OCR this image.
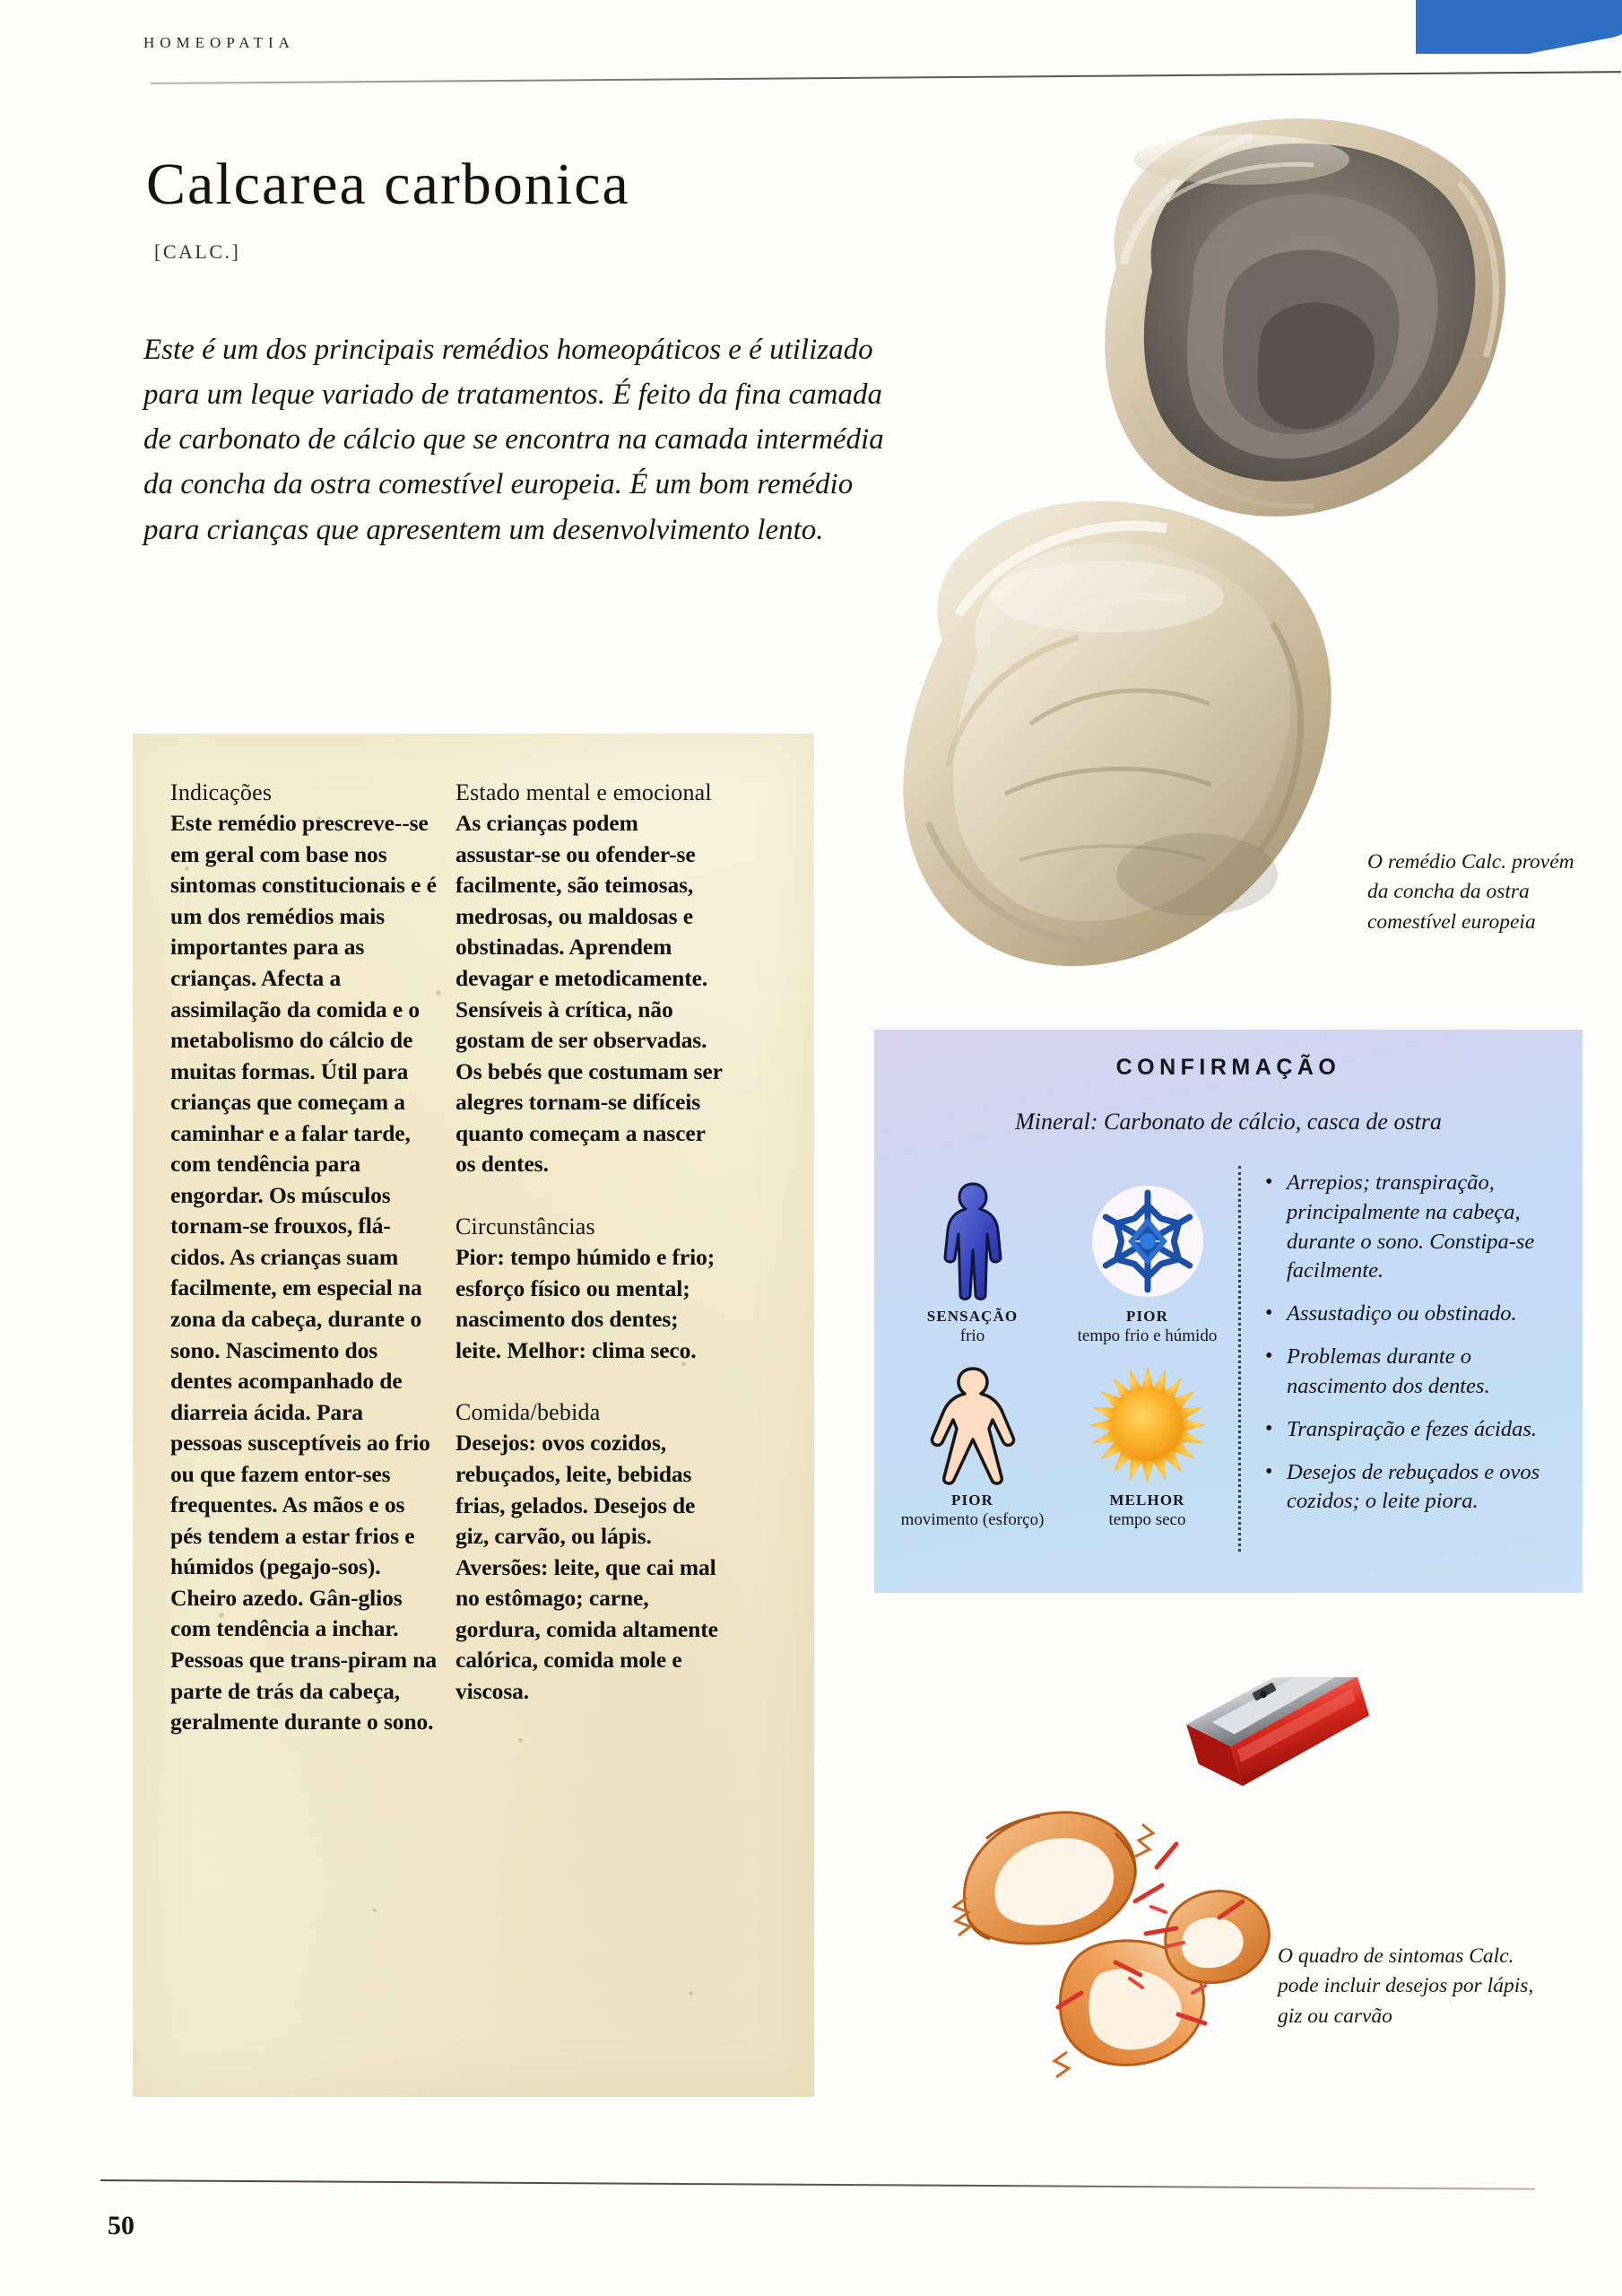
HOMEOPATIA
Calcarea carbonica
[CALC.]

Este é um dos principais remédios homeopáticos e é utilizado para um leque variado de tratamentos. É feito da fina camada de carbonato de cálcio que se encontra na camada intermédia da concha da ostra comestível europeia. É um bom remédio para crianças que apresentem um desenvolvimento lento.

O remédio Calc. provém da concha da ostra comestível europeia
Indicações
Este remédio prescreve--se em geral com base nos sintomas constitucionais e é um dos remédios mais importantes para as crianças. Afecta a assimilação da comida e o metabolismo do cálcio de muitas formas. Útil para crianças que começam a caminhar e a falar tarde, com tendência para engordar. Os músculos tornam-se frouxos, flá-cidos. As crianças suam facilmente, em especial na zona da cabeça, durante o sono. Nascimento dos dentes acompanhado de diarreia ácida. Para pessoas susceptíveis ao frio ou que fazem entor-ses frequentes. As mãos e os pés tendem a estar frios e húmidos (pegajo-sos). Cheiro azedo. Gân-glios com tendência a inchar. Pessoas que trans-piram na parte de trás da cabeça, geralmente durante o sono.
Estado mental e emocional
As crianças podem assustar-se ou ofender-se facilmente, são teimosas, medrosas, ou maldosas e obstinadas. Aprendem devagar e metodicamente. Sensíveis à crítica, não gostam de ser observadas. Os bebés que costumam ser alegres tornam-se difíceis quanto começam a nascer os dentes.
Circunstâncias
Pior: tempo húmido e frio; esforço físico ou mental; nascimento dos dentes; leite. Melhor: clima seco.
Comida/bebida
Desejos: ovos cozidos, rebuçados, leite, bebidas frias, gelados. Desejos de giz, carvão, ou lápis. Aversões: leite, que cai mal no estômago; carne, gordura, comida altamente calórica, comida mole e viscosa.
CONFIRMAÇÃO
Mineral: Carbonato de cálcio, casca de ostra
SENSAÇÃO
frio
PIOR
tempo frio e húmido
PIOR
movimento (esforço)
MELHOR
tempo seco
• Arrepios; transpiração, principalmente na cabeça, durante o sono. Constipa-se facilmente.
• Assustadiço ou obstinado.
• Problemas durante o nascimento dos dentes.
• Transpiração e fezes ácidas.
• Desejos de rebuçados e ovos cozidos; o leite piora.
O quadro de sintomas Calc. pode incluir desejos por lápis, giz ou carvão
50
